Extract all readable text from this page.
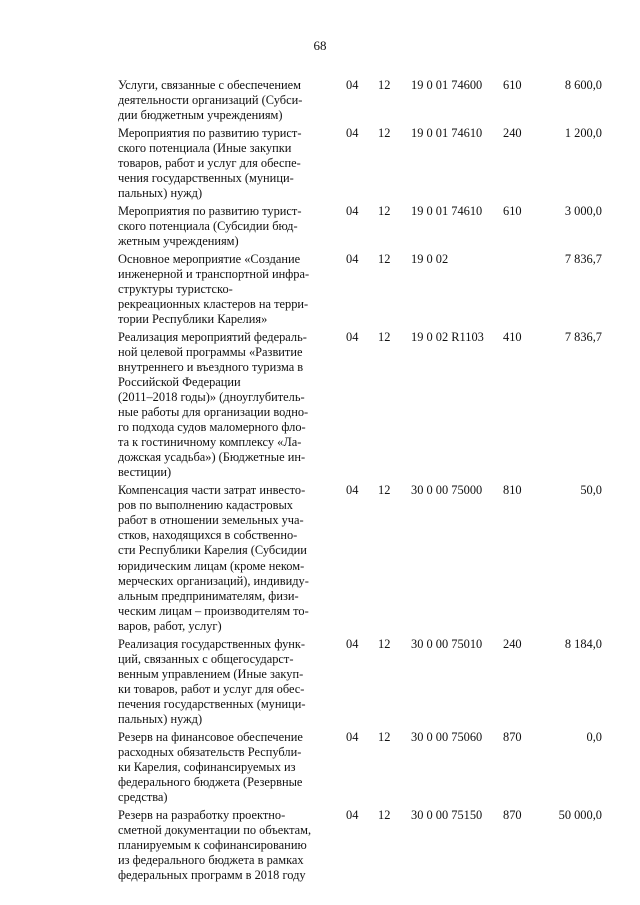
68
Услуги, связанные с обеспечением
деятельности организаций (Субси-
дии бюджетным учреждениям)
04 12 19 0 01 74600 610	8 600,0
Мероприятия по развитию турист-
ского потенциала (Иные закупки
товаров, работ и услуг для обеспе-
чения государственных (муници-
пальных) нужд)
04 12 19 0 01 74610 240	1 200,0
Мероприятия по развитию турист-
ского потенциала (Субсидии бюд-
жетным учреждениям)
04 12 19 0 01 74610 610	3 000,0
Основное мероприятие «Создание
инженерной и транспортной инфра-
структуры туристско-
рекреационных кластеров на терри-
тории Республики Карелия»
04 12 19 0 02	7 836,7
Реализация мероприятий федераль-
ной целевой программы «Развитие
внутреннего и въездного туризма в
Российской Федерации
(2011–2018 годы)» (дноуглубитель-
ные работы для организации водно-
го подхода судов маломерного фло-
та к гостиничному комплексу «Ла-
дожская усадьба») (Бюджетные ин-
вестиции)
04 12 19 0 02 R1103 410	7 836,7
Компенсация части затрат инвесто-
ров по выполнению кадастровых
работ в отношении земельных уча-
стков, находящихся в собственно-
сти Республики Карелия (Субсидии
юридическим лицам (кроме неком-
мерческих организаций), индивиду-
альным предпринимателям, физи-
ческим лицам – производителям то-
варов, работ, услуг)
04 12 30 0 00 75000 810	50,0
Реализация государственных функ-
ций, связанных с общегосударст-
венным управлением (Иные закуп-
ки товаров, работ и услуг для обес-
печения государственных (муници-
пальных) нужд)
04 12 30 0 00 75010 240	8 184,0
Резерв на финансовое обеспечение
расходных обязательств Республи-
ки Карелия, софинансируемых из
федерального бюджета (Резервные
средства)
04 12 30 0 00 75060 870	0,0
Резерв на разработку проектно-
сметной документации по объектам,
планируемым к софинансированию
из федерального бюджета в рамках
федеральных программ в 2018 году
04 12 30 0 00 75150 870	50 000,0
